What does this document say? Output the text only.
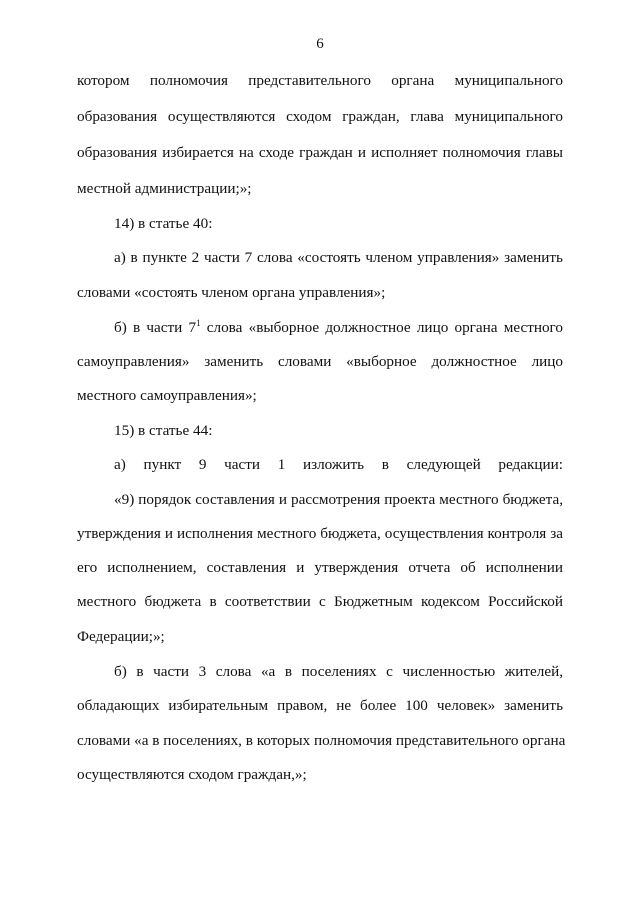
6
котором полномочия представительного органа муниципального
образования осуществляются сходом граждан, глава муниципального
образования избирается на сходе граждан и исполняет полномочия главы
местной администрации;»;
14) в статье 40:
а) в пункте 2 части 7 слова «состоять членом управления» заменить
словами «состоять членом органа управления»;
б) в части $7^1$ слова «выборное должностное лицо органа местного
самоуправления» заменить словами «выборное должностное лицо
местного самоуправления»;
15) в статье 44:
а) пункт 9 части 1 изложить в следующей редакции:
«9) порядок составления и рассмотрения проекта местного бюджета,
утверждения и исполнения местного бюджета, осуществления контроля за
его исполнением, составления и утверждения отчета об исполнении
местного бюджета в соответствии с Бюджетным кодексом Российской
Федерации;»;
б) в части 3 слова «а в поселениях с численностью жителей,
обладающих избирательным правом, не более 100 человек» заменить
словами «а в поселениях, в которых полномочия представительного органа
осуществляются сходом граждан,»;
